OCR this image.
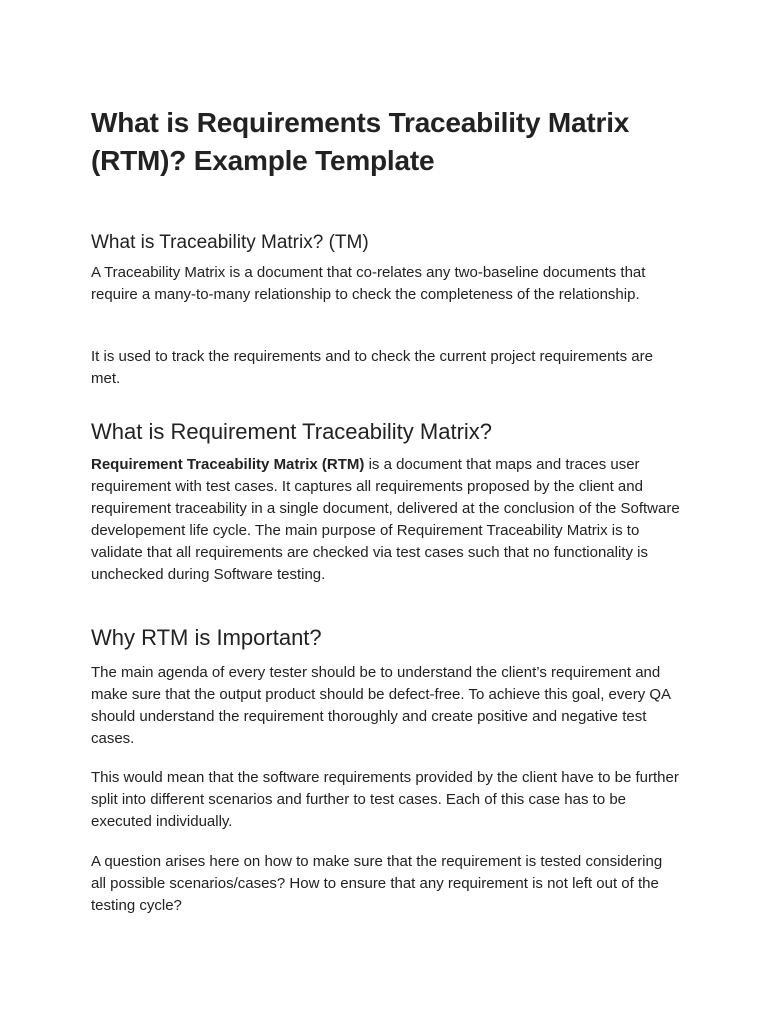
What is Requirements Traceability Matrix (RTM)? Example Template
What is Traceability Matrix? (TM)

A Traceability Matrix is a document that co-relates any two-baseline documents that require a many-to-many relationship to check the completeness of the relationship.

It is used to track the requirements and to check the current project requirements are met.

What is Requirement Traceability Matrix?

Requirement Traceability Matrix (RTM) is a document that maps and traces user requirement with test cases. It captures all requirements proposed by the client and requirement traceability in a single document, delivered at the conclusion of the Software developement life cycle. The main purpose of Requirement Traceability Matrix is to validate that all requirements are checked via test cases such that no functionality is unchecked during Software testing.

Why RTM is Important?

The main agenda of every tester should be to understand the client’s requirement and make sure that the output product should be defect-free. To achieve this goal, every QA should understand the requirement thoroughly and create positive and negative test cases.

This would mean that the software requirements provided by the client have to be further split into different scenarios and further to test cases. Each of this case has to be executed individually.

A question arises here on how to make sure that the requirement is tested considering all possible scenarios/cases? How to ensure that any requirement is not left out of the testing cycle?
